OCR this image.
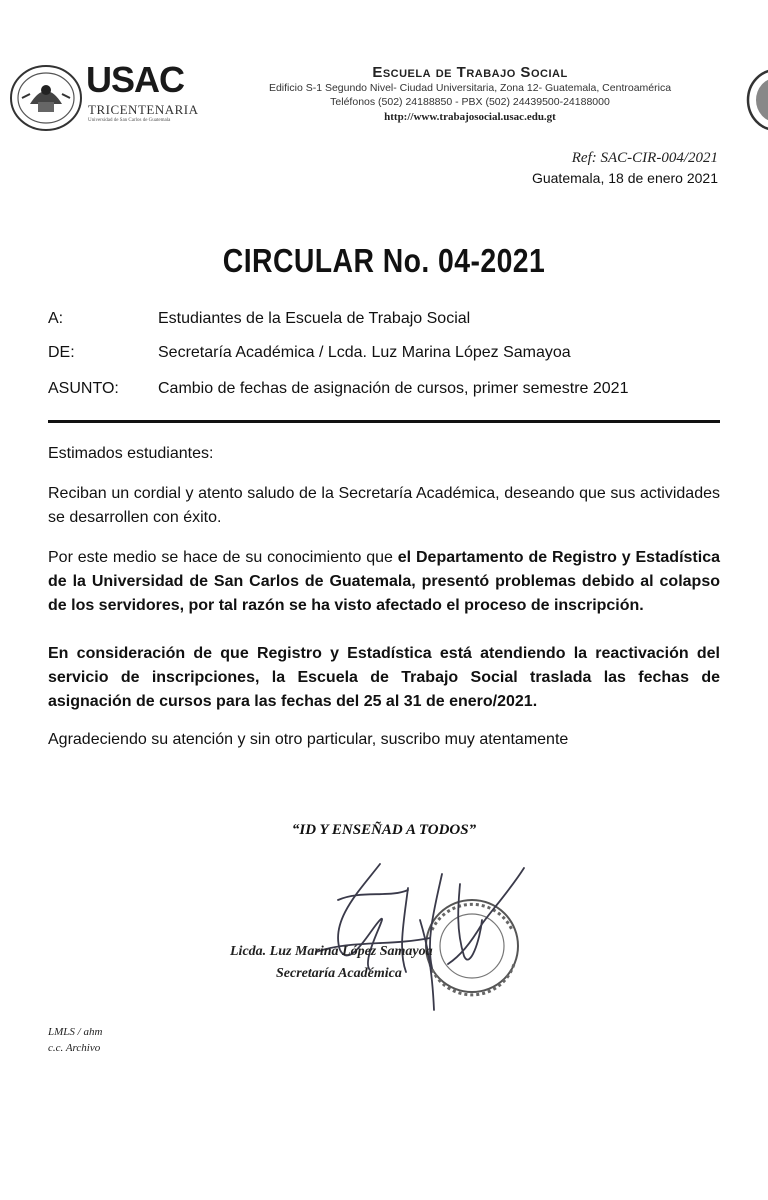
USAC
TRICENTENARIA
Universidad de San Carlos de Guatemala
Escuela de Trabajo Social
Edificio S-1 Segundo Nivel- Ciudad Universitaria, Zona 12- Guatemala, Centroamérica
Teléfonos (502) 24188850 - PBX (502) 24439500-24188000
http://www.trabajosocial.usac.edu.gt
Ref: SAC-CIR-004/2021
Guatemala, 18 de enero 2021
CIRCULAR No. 04-2021
A:	Estudiantes de la Escuela de Trabajo Social
DE:	Secretaría Académica / Lcda. Luz Marina López Samayoa
ASUNTO: Cambio de fechas de asignación de cursos, primer semestre 2021

Estimados estudiantes:

Reciban un cordial y atento saludo de la Secretaría Académica, deseando que sus actividades se desarrollen con éxito.

Por este medio se hace de su conocimiento que el Departamento de Registro y Estadística de la Universidad de San Carlos de Guatemala, presentó problemas debido al colapso de los servidores, por tal razón se ha visto afectado el proceso de inscripción.

En consideración de que Registro y Estadística está atendiendo la reactivación del servicio de inscripciones, la Escuela de Trabajo Social traslada las fechas de asignación de cursos para las fechas del 25 al 31 de enero/2021.

Agradeciendo su atención y sin otro particular, suscribo muy atentamente

“ID Y ENSEÑAD A TODOS”
Licda. Luz Marina López Samayoa
Secretaría Académica
LMLS / ahm
c.c. Archivo
